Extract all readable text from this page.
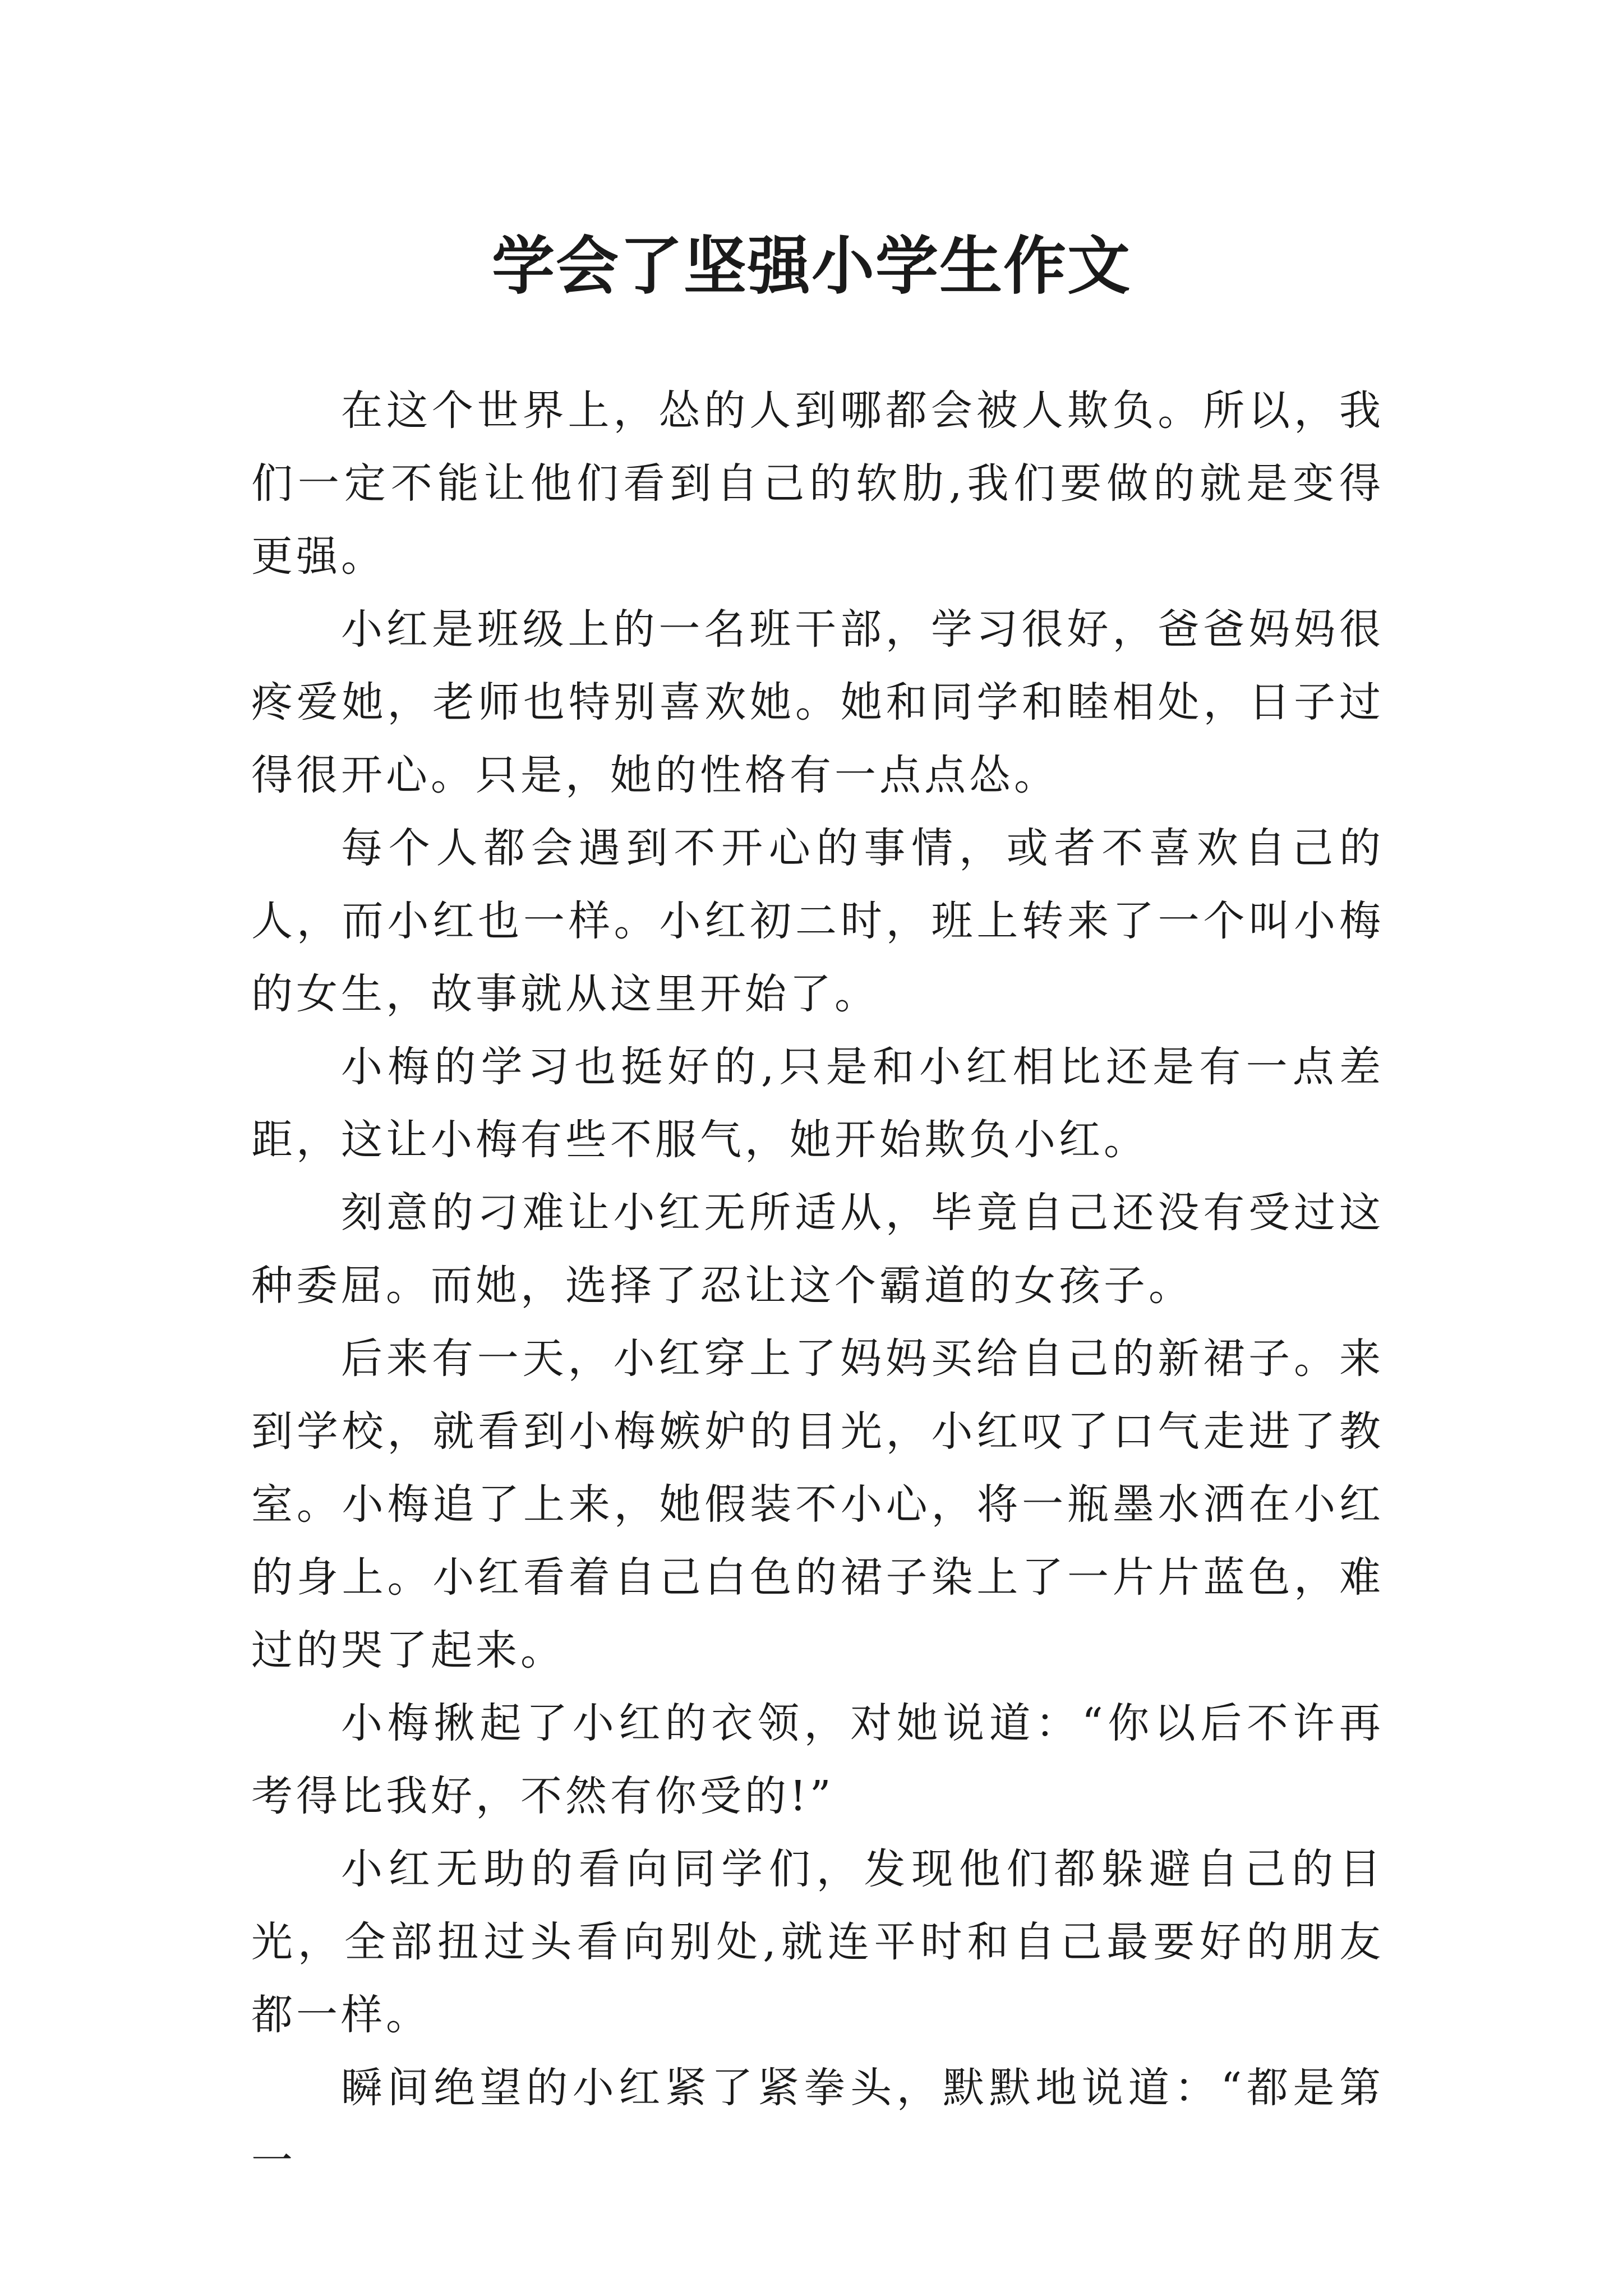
学会了坚强小学生作文

在这个世界上，怂的人到哪都会被人欺负。所以，我们一定不能让他们看到自己的软肋,我们要做的就是变得更强。

小红是班级上的一名班干部，学习很好，爸爸妈妈很疼爱她，老师也特别喜欢她。她和同学和睦相处，日子过得很开心。只是，她的性格有一点点怂。

每个人都会遇到不开心的事情，或者不喜欢自己的人，而小红也一样。小红初二时，班上转来了一个叫小梅的女生，故事就从这里开始了。

小梅的学习也挺好的,只是和小红相比还是有一点差距，这让小梅有些不服气，她开始欺负小红。

刻意的刁难让小红无所适从，毕竟自己还没有受过这种委屈。而她，选择了忍让这个霸道的女孩子。

后来有一天，小红穿上了妈妈买给自己的新裙子。来到学校，就看到小梅嫉妒的目光，小红叹了口气走进了教室。小梅追了上来，她假装不小心，将一瓶墨水洒在小红的身上。小红看着自己白色的裙子染上了一片片蓝色，难过的哭了起来。

小梅揪起了小红的衣领，对她说道：“你以后不许再考得比我好，不然有你受的!”

小红无助的看向同学们，发现他们都躲避自己的目光，全部扭过头看向别处,就连平时和自己最要好的朋友都一样。

瞬间绝望的小红紧了紧拳头，默默地说道：“都是第一
